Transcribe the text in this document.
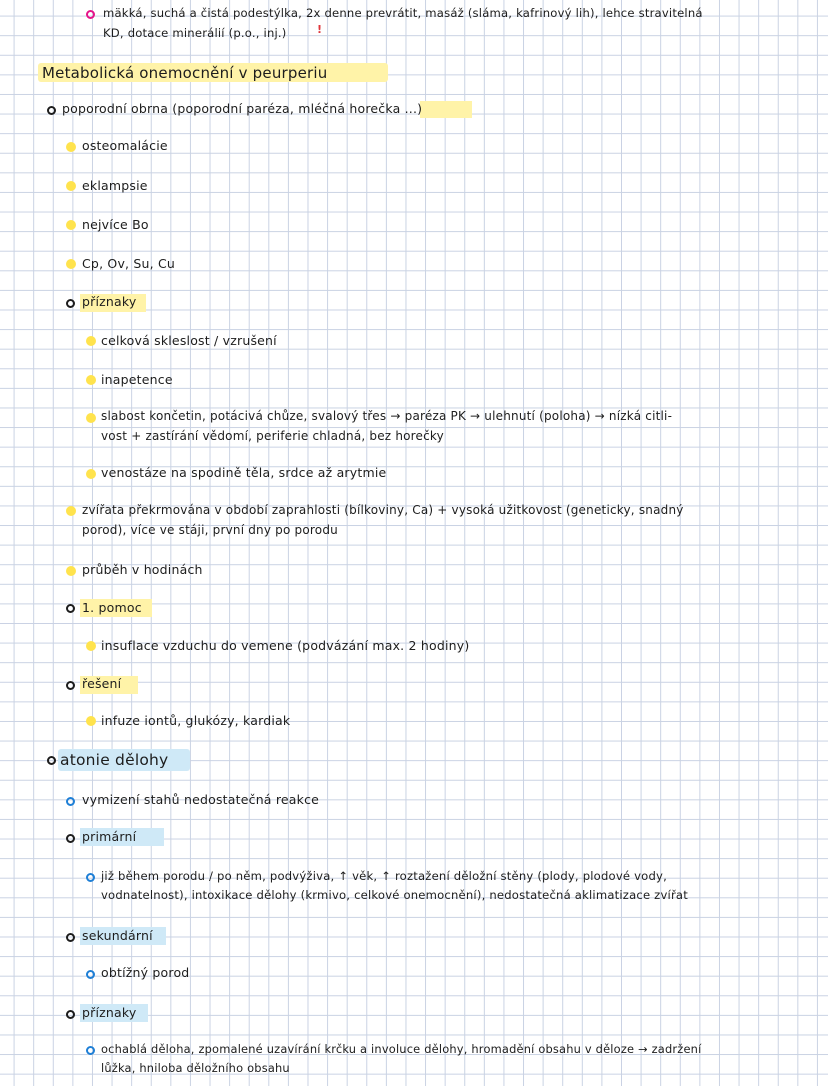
mäkká, suchá a čistá podestýlka, 2x denne prevrátit, masáž (sláma, kafrinový lih), lehce stravitelná
KD, dotace minerálií (p.o., inj.)	!
Metabolická onemocnění v peurperiu
poporodní obrna (poporodní paréza, mléčná horečka ...)
osteomalácie
eklampsie
nejvíce Bo
Cp, Ov, Su, Cu
příznaky
celková skleslost / vzrušení
inapetence
slabost končetin, potácivá chůze, svalový třes → paréza PK → ulehnutí (poloha) → nízká citli-
vost + zastírání vědomí, periferie chladná, bez horečky
venostáze na spodině těla, srdce až arytmie
zvířata překrmována v období zaprahlosti (bílkoviny, Ca) + vysoká užitkovost (geneticky, snadný
porod), více ve stáji, první dny po porodu
průběh v hodinách
1. pomoc
insuflace vzduchu do vemene (podvázání max. 2 hodiny)
řešení
infuze iontů, glukózy, kardiak
atonie dělohy
vymizení stahů nedostatečná reakce
primární
již během porodu / po něm, podvýživa, ↑ věk, ↑ roztažení děložní stěny (plody, plodové vody,
vodnatelnost), intoxikace dělohy (krmivo, celkové onemocnění), nedostatečná aklimatizace zvířat
sekundární
obtížný porod
příznaky
ochablá děloha, zpomalené uzavírání krčku a involuce dělohy, hromadění obsahu v děloze → zadržení
lůžka, hniloba děložního obsahu
